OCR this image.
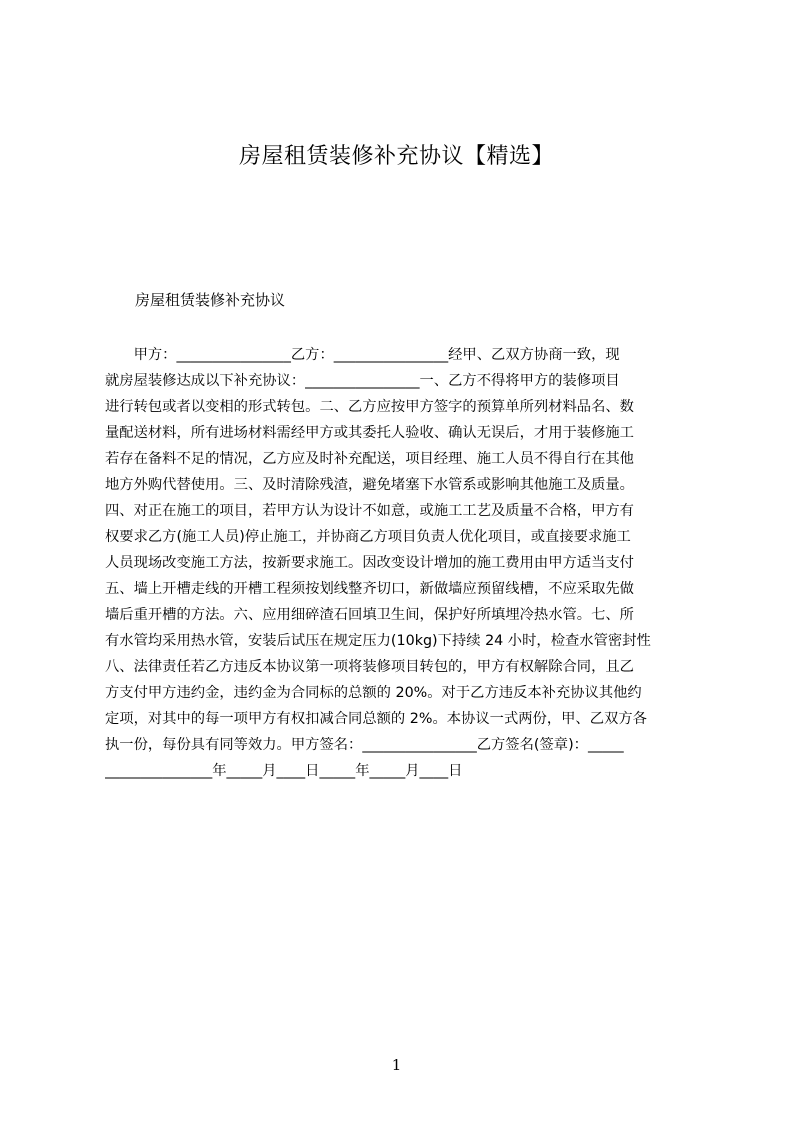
房屋租赁装修补充协议【精选】
房屋租赁装修补充协议
　　甲方：________________乙方：________________经甲、乙双方协商一致，现
就房屋装修达成以下补充协议：________________一、乙方不得将甲方的装修项目
进行转包或者以变相的形式转包。二、乙方应按甲方签字的预算单所列材料品名、数
量配送材料，所有进场材料需经甲方或其委托人验收、确认无误后，才用于装修施工
若存在备料不足的情况，乙方应及时补充配送，项目经理、施工人员不得自行在其他
地方外购代替使用。三、及时清除残渣，避免堵塞下水管系或影响其他施工及质量。
四、对正在施工的项目，若甲方认为设计不如意，或施工工艺及质量不合格，甲方有
权要求乙方(施工人员)停止施工，并协商乙方项目负责人优化项目，或直接要求施工
人员现场改变施工方法，按新要求施工。因改变设计增加的施工费用由甲方适当支付
五、墙上开槽走线的开槽工程须按划线整齐切口，新做墙应预留线槽，不应采取先做
墙后重开槽的方法。六、应用细碎渣石回填卫生间，保护好所填埋冷热水管。七、所
有水管均采用热水管，安装后试压在规定压力(10kg)下持续 24 小时，检查水管密封性
八、法律责任若乙方违反本协议第一项将装修项目转包的，甲方有权解除合同，且乙
方支付甲方违约金，违约金为合同标的总额的 20%。对于乙方违反本补充协议其他约
定项，对其中的每一项甲方有权扣减合同总额的 2%。本协议一式两份，甲、乙双方各
执一份，每份具有同等效力。甲方签名：________________乙方签名(签章)：_____
_______________年_____月____日_____年_____月____日
1
